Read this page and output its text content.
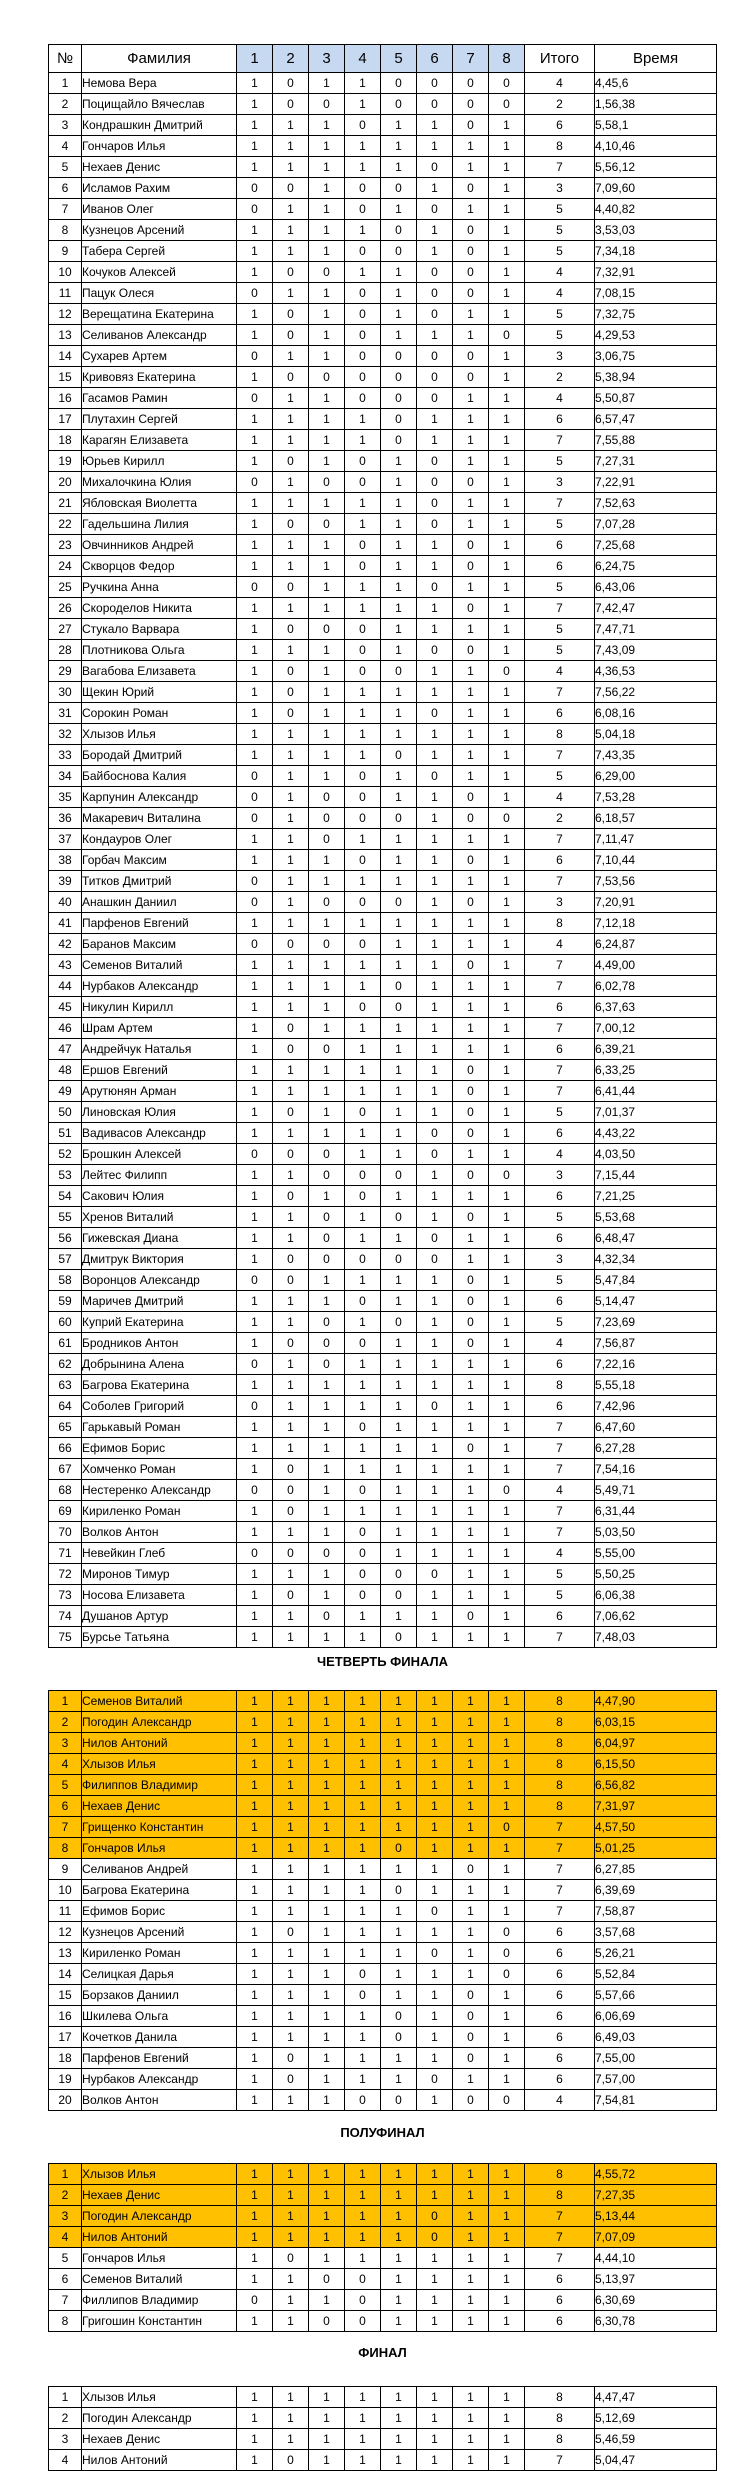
№	Фамилия	1	2	3	4	5	6	7	8	Итого	Время
1	Немова Вера	1	0	1	1	0	0	0	0	4	4,45,6
2	Поцищайло Вячеслав	1	0	0	1	0	0	0	0	2	1,56,38
3	Кондрашкин Дмитрий	1	1	1	0	1	1	0	1	6	5,58,1
4	Гончаров Илья	1	1	1	1	1	1	1	1	8	4,10,46
5	Нехаев Денис	1	1	1	1	1	0	1	1	7	5,56,12
6	Исламов Рахим	0	0	1	0	0	1	0	1	3	7,09,60
7	Иванов Олег	0	1	1	0	1	0	1	1	5	4,40,82
8	Кузнецов Арсений	1	1	1	1	0	1	0	1	5	3,53,03
9	Табера Сергей	1	1	1	0	0	1	0	1	5	7,34,18
10	Кочуков Алексей	1	0	0	1	1	0	0	1	4	7,32,91
11	Пацук Олеся	0	1	1	0	1	0	0	1	4	7,08,15
12	Верещатина Екатерина	1	0	1	0	1	0	1	1	5	7,32,75
13	Селиванов Александр	1	0	1	0	1	1	1	0	5	4,29,53
14	Сухарев Артем	0	1	1	0	0	0	0	1	3	3,06,75
15	Кривовяз Екатерина	1	0	0	0	0	0	0	1	2	5,38,94
16	Гасамов Рамин	0	1	1	0	0	0	1	1	4	5,50,87
17	Плутахин Сергей	1	1	1	1	0	1	1	1	6	6,57,47
18	Карагян Елизавета	1	1	1	1	0	1	1	1	7	7,55,88
19	Юрьев Кирилл	1	0	1	0	1	0	1	1	5	7,27,31
20	Михалочкина Юлия	0	1	0	0	1	0	0	1	3	7,22,91
21	Ябловская Виолетта	1	1	1	1	1	0	1	1	7	7,52,63
22	Гадельшина Лилия	1	0	0	1	1	0	1	1	5	7,07,28
23	Овчинников Андрей	1	1	1	0	1	1	0	1	6	7,25,68
24	Скворцов Федор	1	1	1	0	1	1	0	1	6	6,24,75
25	Ручкина Анна	0	0	1	1	1	0	1	1	5	6,43,06
26	Скороделов Никита	1	1	1	1	1	1	0	1	7	7,42,47
27	Стукало Варвара	1	0	0	0	1	1	1	1	5	7,47,71
28	Плотникова Ольга	1	1	1	0	1	0	0	1	5	7,43,09
29	Вагабова Елизавета	1	0	1	0	0	1	1	0	4	4,36,53
30	Щекин Юрий	1	0	1	1	1	1	1	1	7	7,56,22
31	Сорокин Роман	1	0	1	1	1	0	1	1	6	6,08,16
32	Хлызов Илья	1	1	1	1	1	1	1	1	8	5,04,18
33	Бородай Дмитрий	1	1	1	1	0	1	1	1	7	7,43,35
34	Байбоснова Калия	0	1	1	0	1	0	1	1	5	6,29,00
35	Карпунин Александр	0	1	0	0	1	1	0	1	4	7,53,28
36	Макаревич Виталина	0	1	0	0	0	1	0	0	2	6,18,57
37	Кондауров Олег	1	1	0	1	1	1	1	1	7	7,11,47
38	Горбач Максим	1	1	1	0	1	1	0	1	6	7,10,44
39	Титков Дмитрий	0	1	1	1	1	1	1	1	7	7,53,56
40	Анашкин Даниил	0	1	0	0	0	1	0	1	3	7,20,91
41	Парфенов Евгений	1	1	1	1	1	1	1	1	8	7,12,18
42	Баранов Максим	0	0	0	0	1	1	1	1	4	6,24,87
43	Семенов Виталий	1	1	1	1	1	1	0	1	7	4,49,00
44	Нурбаков Александр	1	1	1	1	0	1	1	1	7	6,02,78
45	Никулин Кирилл	1	1	1	0	0	1	1	1	6	6,37,63
46	Шрам Артем	1	0	1	1	1	1	1	1	7	7,00,12
47	Андрейчук Наталья	1	0	0	1	1	1	1	1	6	6,39,21
48	Ершов Евгений	1	1	1	1	1	1	0	1	7	6,33,25
49	Арутюнян Арман	1	1	1	1	1	1	0	1	7	6,41,44
50	Линовская Юлия	1	0	1	0	1	1	0	1	5	7,01,37
51	Вадивасов Александр	1	1	1	1	1	0	0	1	6	4,43,22
52	Брошкин Алексей	0	0	0	1	1	0	1	1	4	4,03,50
53	Лейтес Филипп	1	1	0	0	0	1	0	0	3	7,15,44
54	Сакович Юлия	1	0	1	0	1	1	1	1	6	7,21,25
55	Хренов Виталий	1	1	0	1	0	1	0	1	5	5,53,68
56	Гижевская Диана	1	1	0	1	1	0	1	1	6	6,48,47
57	Дмитрук Виктория	1	0	0	0	0	0	1	1	3	4,32,34
58	Воронцов Александр	0	0	1	1	1	1	0	1	5	5,47,84
59	Маричев Дмитрий	1	1	1	0	1	1	0	1	6	5,14,47
60	Куприй Екатерина	1	1	0	1	0	1	0	1	5	7,23,69
61	Бродников Антон	1	0	0	0	1	1	0	1	4	7,56,87
62	Добрынина Алена	0	1	0	1	1	1	1	1	6	7,22,16
63	Багрова Екатерина	1	1	1	1	1	1	1	1	8	5,55,18
64	Соболев Григорий	0	1	1	1	1	0	1	1	6	7,42,96
65	Гарькавый Роман	1	1	1	0	1	1	1	1	7	6,47,60
66	Ефимов Борис	1	1	1	1	1	1	0	1	7	6,27,28
67	Хомченко Роман	1	0	1	1	1	1	1	1	7	7,54,16
68	Нестеренко Александр	0	0	1	0	1	1	1	0	4	5,49,71
69	Кириленко Роман	1	0	1	1	1	1	1	1	7	6,31,44
70	Волков Антон	1	1	1	0	1	1	1	1	7	5,03,50
71	Невейкин Глеб	0	0	0	0	1	1	1	1	4	5,55,00
72	Миронов Тимур	1	1	1	0	0	0	1	1	5	5,50,25
73	Носова Елизавета	1	0	1	0	0	1	1	1	5	6,06,38
74	Душанов Артур	1	1	0	1	1	1	0	1	6	7,06,62
75	Бурсье Татьяна	1	1	1	1	0	1	1	1	7	7,48,03
ЧЕТВЕРТЬ ФИНАЛА
1	Семенов Виталий	1	1	1	1	1	1	1	1	8	4,47,90
2	Погодин Александр	1	1	1	1	1	1	1	1	8	6,03,15
3	Нилов Антоний	1	1	1	1	1	1	1	1	8	6,04,97
4	Хлызов Илья	1	1	1	1	1	1	1	1	8	6,15,50
5	Филиппов Владимир	1	1	1	1	1	1	1	1	8	6,56,82
6	Нехаев Денис	1	1	1	1	1	1	1	1	8	7,31,97
7	Грищенко Константин	1	1	1	1	1	1	1	0	7	4,57,50
8	Гончаров Илья	1	1	1	1	0	1	1	1	7	5,01,25
9	Селиванов Андрей	1	1	1	1	1	1	0	1	7	6,27,85
10	Багрова Екатерина	1	1	1	1	0	1	1	1	7	6,39,69
11	Ефимов Борис	1	1	1	1	1	0	1	1	7	7,58,87
12	Кузнецов Арсений	1	0	1	1	1	1	1	0	6	3,57,68
13	Кириленко Роман	1	1	1	1	1	0	1	0	6	5,26,21
14	Селицкая Дарья	1	1	1	0	1	1	1	0	6	5,52,84
15	Борзаков Даниил	1	1	1	0	1	1	0	1	6	5,57,66
16	Шкилева Ольга	1	1	1	1	0	1	0	1	6	6,06,69
17	Кочетков Данила	1	1	1	1	0	1	0	1	6	6,49,03
18	Парфенов Евгений	1	0	1	1	1	1	0	1	6	7,55,00
19	Нурбаков Александр	1	0	1	1	1	0	1	1	6	7,57,00
20	Волков Антон	1	1	1	0	0	1	0	0	4	7,54,81
ПОЛУФИНАЛ
1	Хлызов Илья	1	1	1	1	1	1	1	1	8	4,55,72
2	Нехаев Денис	1	1	1	1	1	1	1	1	8	7,27,35
3	Погодин Александр	1	1	1	1	1	0	1	1	7	5,13,44
4	Нилов Антоний	1	1	1	1	1	0	1	1	7	7,07,09
5	Гончаров Илья	1	0	1	1	1	1	1	1	7	4,44,10
6	Семенов Виталий	1	1	0	0	1	1	1	1	6	5,13,97
7	Филлипов Владимир	0	1	1	0	1	1	1	1	6	6,30,69
8	Григошин Константин	1	1	0	0	1	1	1	1	6	6,30,78
ФИНАЛ
1	Хлызов Илья	1	1	1	1	1	1	1	1	8	4,47,47
2	Погодин Александр	1	1	1	1	1	1	1	1	8	5,12,69
3	Нехаев Денис	1	1	1	1	1	1	1	1	8	5,46,59
4	Нилов Антоний	1	0	1	1	1	1	1	1	7	5,04,47
